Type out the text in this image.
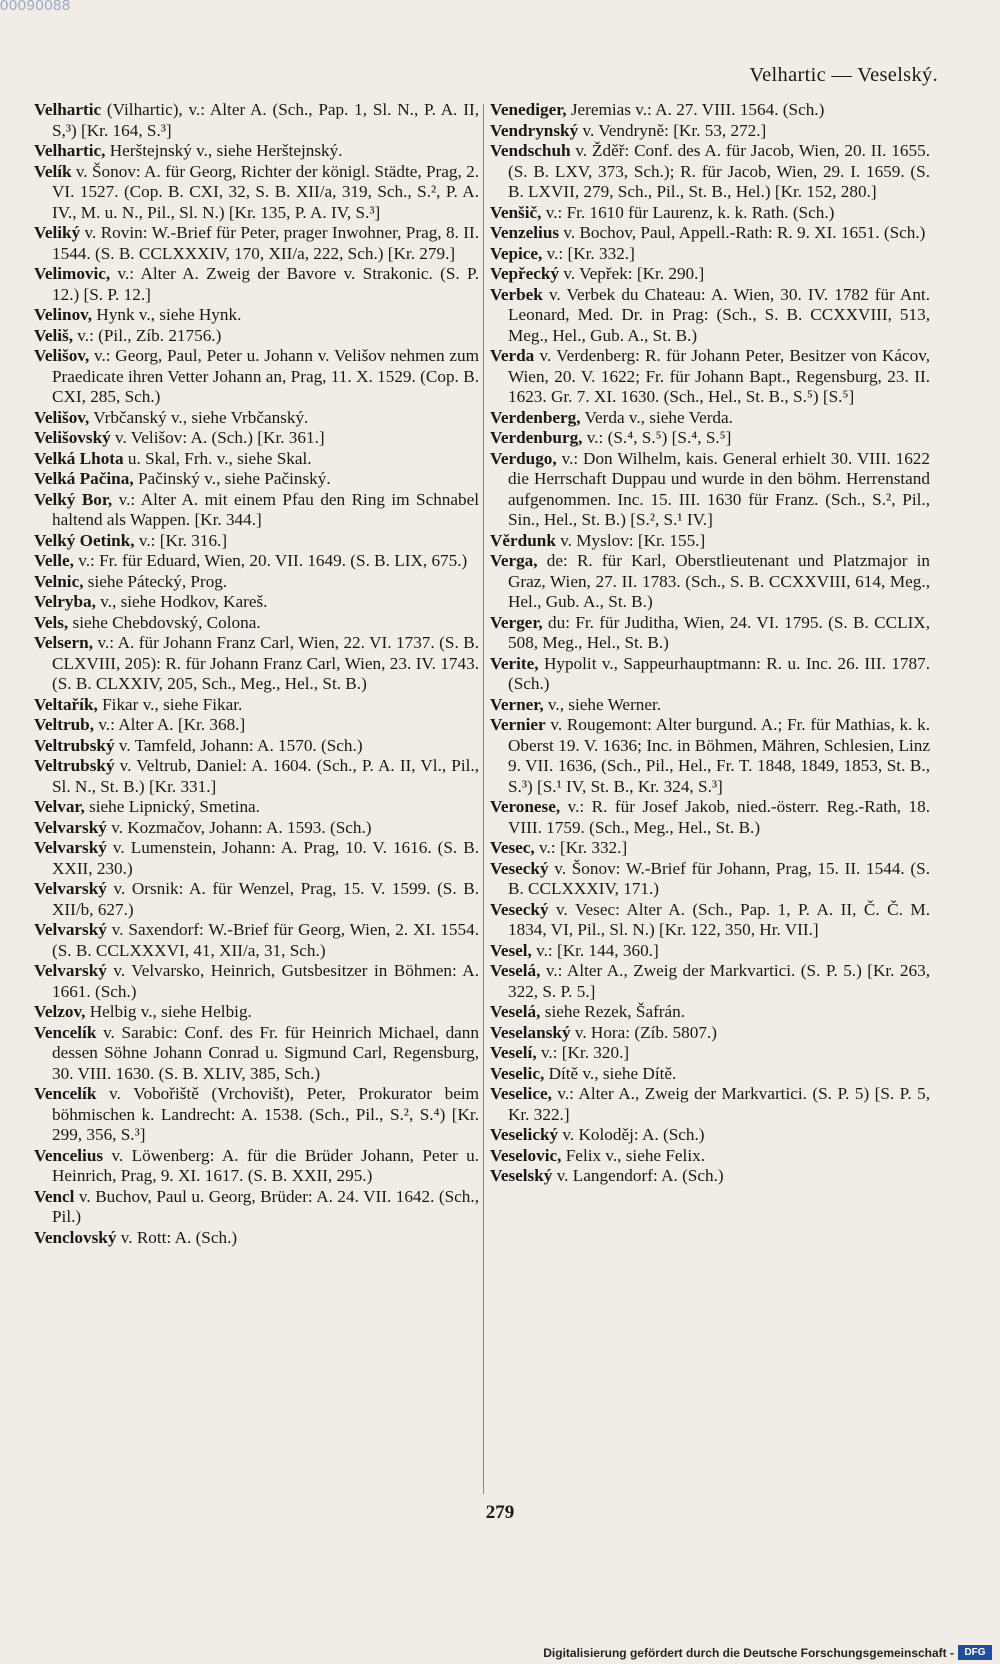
00090088
Velhartic — Veselský.

Velhartic (Vilhartic), v.: Alter A. (Sch., Pap. 1, Sl. N., P. A. II, S,³) [Kr. 164, S.³]

Velhartic, Herštejnský v., siehe Herštejnský.

Velík v. Šonov: A. für Georg, Richter der königl. Städte, Prag, 2. VI. 1527. (Cop. B. CXI, 32, S. B. XII/a, 319, Sch., S.², P. A. IV., M. u. N., Pil., Sl. N.) [Kr. 135, P. A. IV, S.³]

Veliký v. Rovin: W.-Brief für Peter, prager Inwohner, Prag, 8. II. 1544. (S. B. CCLXXXIV, 170, XII/a, 222, Sch.) [Kr. 279.]

Velimovic, v.: Alter A. Zweig der Bavore v. Strakonic. (S. P. 12.) [S. P. 12.]

Velinov, Hynk v., siehe Hynk.

Veliš, v.: (Pil., Zíb. 21756.)

Velišov, v.: Georg, Paul, Peter u. Johann v. Velišov nehmen zum Praedicate ihren Vetter Johann an, Prag, 11. X. 1529. (Cop. B. CXI, 285, Sch.)

Velišov, Vrbčanský v., siehe Vrbčanský.

Velišovský v. Velišov: A. (Sch.) [Kr. 361.]

Velká Lhota u. Skal, Frh. v., siehe Skal.

Velká Pačina, Pačinský v., siehe Pačinský.

Velký Bor, v.: Alter A. mit einem Pfau den Ring im Schnabel haltend als Wappen. [Kr. 344.]

Velký Oetink, v.: [Kr. 316.]

Velle, v.: Fr. für Eduard, Wien, 20. VII. 1649. (S. B. LIX, 675.)

Velnic, siehe Pátecký, Prog.

Velryba, v., siehe Hodkov, Kareš.

Vels, siehe Chebdovský, Colona.

Velsern, v.: A. für Johann Franz Carl, Wien, 22. VI. 1737. (S. B. CLXVIII, 205): R. für Johann Franz Carl, Wien, 23. IV. 1743. (S. B. CLXXIV, 205, Sch., Meg., Hel., St. B.)

Veltařík, Fikar v., siehe Fikar.

Veltrub, v.: Alter A. [Kr. 368.]

Veltrubský v. Tamfeld, Johann: A. 1570. (Sch.)

Veltrubský v. Veltrub, Daniel: A. 1604. (Sch., P. A. II, Vl., Pil., Sl. N., St. B.) [Kr. 331.]

Velvar, siehe Lipnický, Smetina.

Velvarský v. Kozmačov, Johann: A. 1593. (Sch.)

Velvarský v. Lumenstein, Johann: A. Prag, 10. V. 1616. (S. B. XXII, 230.)

Velvarský v. Orsnik: A. für Wenzel, Prag, 15. V. 1599. (S. B. XII/b, 627.)

Velvarský v. Saxendorf: W.-Brief für Georg, Wien, 2. XI. 1554. (S. B. CCLXXXVI, 41, XII/a, 31, Sch.)

Velvarský v. Velvarsko, Heinrich, Gutsbesitzer in Böhmen: A. 1661. (Sch.)

Velzov, Helbig v., siehe Helbig.

Vencelík v. Sarabic: Conf. des Fr. für Heinrich Michael, dann dessen Söhne Johann Conrad u. Sigmund Carl, Regensburg, 30. VIII. 1630. (S. B. XLIV, 385, Sch.)

Vencelík v. Vobořiště (Vrchovišt), Peter, Prokurator beim böhmischen k. Landrecht: A. 1538. (Sch., Pil., S.², S.⁴) [Kr. 299, 356, S.³]

Vencelius v. Löwenberg: A. für die Brüder Johann, Peter u. Heinrich, Prag, 9. XI. 1617. (S. B. XXII, 295.)

Vencl v. Buchov, Paul u. Georg, Brüder: A. 24. VII. 1642. (Sch., Pil.)

Venclovský v. Rott: A. (Sch.)

Venediger, Jeremias v.: A. 27. VIII. 1564. (Sch.)

Vendrynský v. Vendryně: [Kr. 53, 272.]

Vendschuh v. Žděř: Conf. des A. für Jacob, Wien, 20. II. 1655. (S. B. LXV, 373, Sch.); R. für Jacob, Wien, 29. I. 1659. (S. B. LXVII, 279, Sch., Pil., St. B., Hel.) [Kr. 152, 280.]

Venšič, v.: Fr. 1610 für Laurenz, k. k. Rath. (Sch.)

Venzelius v. Bochov, Paul, Appell.-Rath: R. 9. XI. 1651. (Sch.)

Vepice, v.: [Kr. 332.]

Vepřecký v. Vepřek: [Kr. 290.]

Verbek v. Verbek du Chateau: A. Wien, 30. IV. 1782 für Ant. Leonard, Med. Dr. in Prag: (Sch., S. B. CCXXVIII, 513, Meg., Hel., Gub. A., St. B.)

Verda v. Verdenberg: R. für Johann Peter, Besitzer von Kácov, Wien, 20. V. 1622; Fr. für Johann Bapt., Regensburg, 23. II. 1623. Gr. 7. XI. 1630. (Sch., Hel., St. B., S.⁵) [S.⁵]

Verdenberg, Verda v., siehe Verda.

Verdenburg, v.: (S.⁴, S.⁵) [S.⁴, S.⁵]

Verdugo, v.: Don Wilhelm, kais. General erhielt 30. VIII. 1622 die Herrschaft Duppau und wurde in den böhm. Herrenstand aufgenommen. Inc. 15. III. 1630 für Franz. (Sch., S.², Pil., Sin., Hel., St. B.) [S.², S.¹ IV.]

Věrdunk v. Myslov: [Kr. 155.]

Verga, de: R. für Karl, Oberstlieutenant und Platzmajor in Graz, Wien, 27. II. 1783. (Sch., S. B. CCXXVIII, 614, Meg., Hel., Gub. A., St. B.)

Verger, du: Fr. für Juditha, Wien, 24. VI. 1795. (S. B. CCLIX, 508, Meg., Hel., St. B.)

Verite, Hypolit v., Sappeurhauptmann: R. u. Inc. 26. III. 1787. (Sch.)

Verner, v., siehe Werner.

Vernier v. Rougemont: Alter burgund. A.; Fr. für Mathias, k. k. Oberst 19. V. 1636; Inc. in Böhmen, Mähren, Schlesien, Linz 9. VII. 1636, (Sch., Pil., Hel., Fr. T. 1848, 1849, 1853, St. B., S.³) [S.¹ IV, St. B., Kr. 324, S.³]

Veronese, v.: R. für Josef Jakob, nied.-österr. Reg.-Rath, 18. VIII. 1759. (Sch., Meg., Hel., St. B.)

Vesec, v.: [Kr. 332.]

Vesecký v. Šonov: W.-Brief für Johann, Prag, 15. II. 1544. (S. B. CCLXXXIV, 171.)

Vesecký v. Vesec: Alter A. (Sch., Pap. 1, P. A. II, Č. Č. M. 1834, VI, Pil., Sl. N.) [Kr. 122, 350, Hr. VII.]

Vesel, v.: [Kr. 144, 360.]

Veselá, v.: Alter A., Zweig der Markvartici. (S. P. 5.) [Kr. 263, 322, S. P. 5.]

Veselá, siehe Rezek, Šafrán.

Veselanský v. Hora: (Zíb. 5807.)

Veselí, v.: [Kr. 320.]

Veselic, Dítě v., siehe Dítě.

Veselice, v.: Alter A., Zweig der Markvartici. (S. P. 5) [S. P. 5, Kr. 322.]

Veselický v. Koloděj: A. (Sch.)

Veselovic, Felix v., siehe Felix.

Veselský v. Langendorf: A. (Sch.)

279
Digitalisierung gefördert durch die Deutsche Forschungsgemeinschaft -	DFG
